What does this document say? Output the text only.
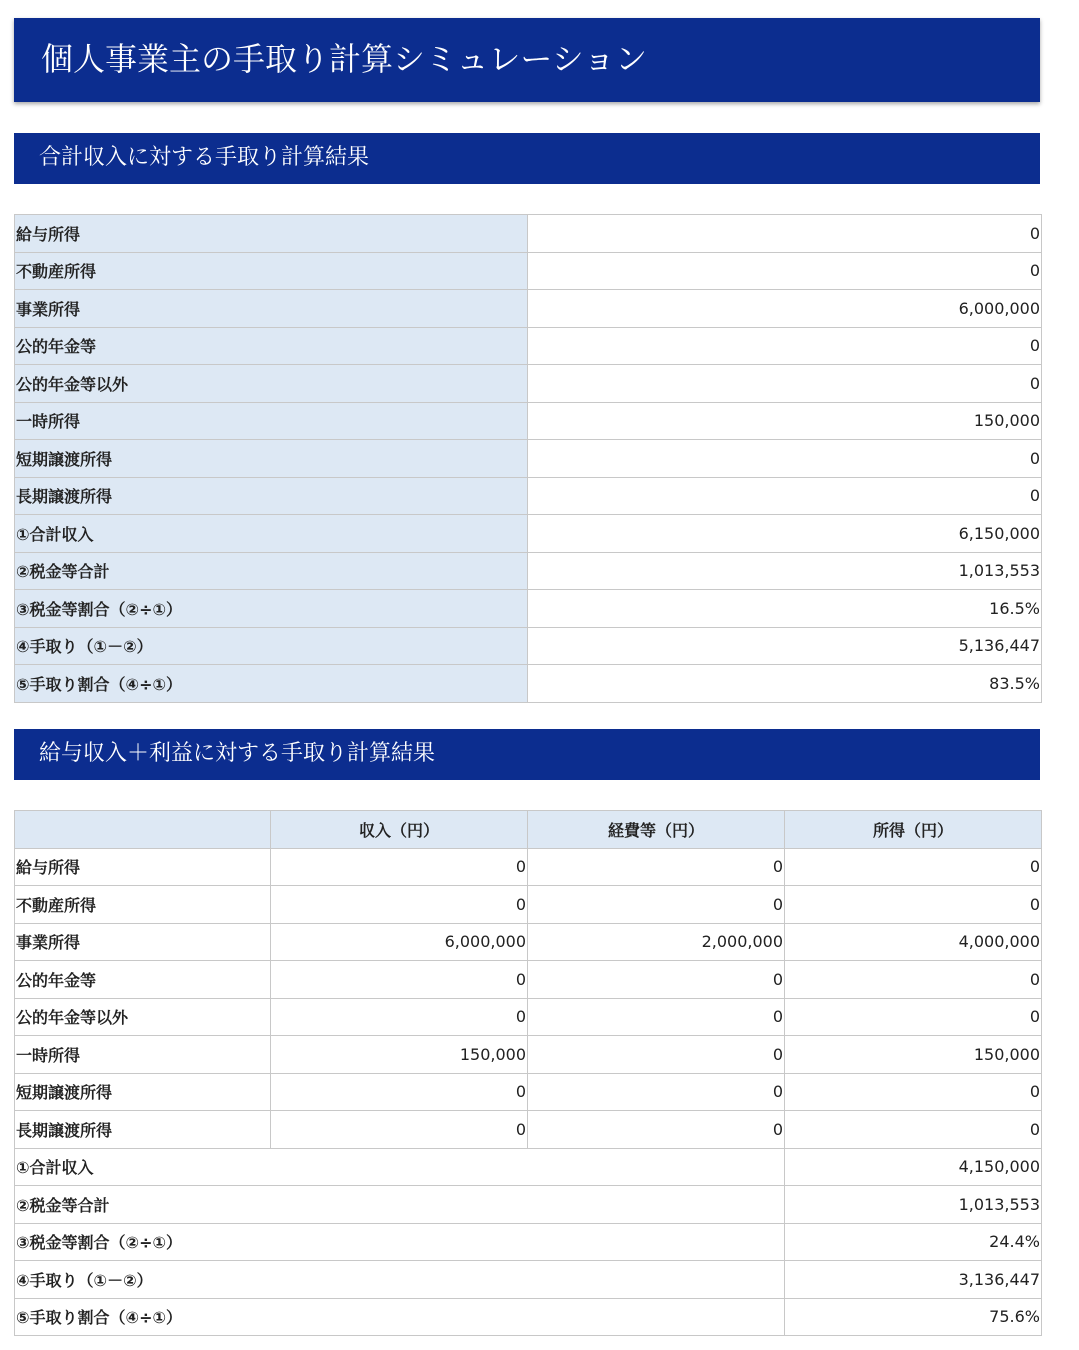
個人事業主の手取り計算シミュレーション
合計収入に対する手取り計算結果
給与所得	0
不動産所得	0
事業所得	6,000,000
公的年金等	0
公的年金等以外	0
一時所得	150,000
短期譲渡所得	0
長期譲渡所得	0
①合計収入	6,150,000
②税金等合計	1,013,553
③税金等割合（②÷①）	16.5%
④手取り（①－②）	5,136,447
⑤手取り割合（④÷①）	83.5%
給与収入＋利益に対する手取り計算結果
	収入（円）	経費等（円）	所得（円）
給与所得	0	0	0
不動産所得	0	0	0
事業所得	6,000,000	2,000,000	4,000,000
公的年金等	0	0	0
公的年金等以外	0	0	0
一時所得	150,000	0	150,000
短期譲渡所得	0	0	0
長期譲渡所得	0	0	0
①合計収入			4,150,000
②税金等合計			1,013,553
③税金等割合（②÷①）			24.4%
④手取り（①－②）			3,136,447
⑤手取り割合（④÷①）			75.6%
